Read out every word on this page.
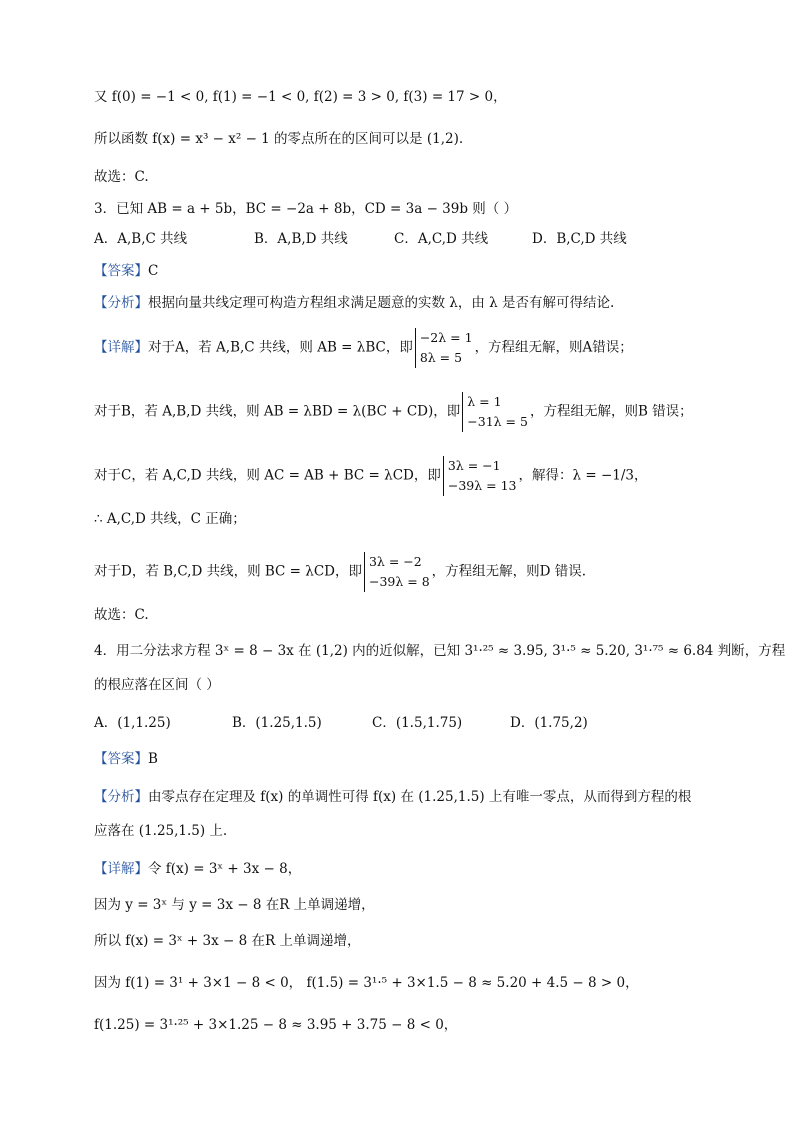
又 f(0) = −1 < 0, f(1) = −1 < 0, f(2) = 3 > 0, f(3) = 17 > 0，
所以函数 f(x) = x³ − x² − 1 的零点所在的区间可以是 (1,2).
故选：C.
3．已知 AB = a + 5b，BC = −2a + 8b，CD = 3a − 39b 则（ ）
A．A,B,C 共线	B．A,B,D 共线	C．A,C,D 共线	D．B,C,D 共线
【答案】C
【分析】根据向量共线定理可构造方程组求满足题意的实数 λ，由 λ 是否有解可得结论.
【详解】对于A，若 A,B,C 共线，则 AB = λBC，即
−2λ = 1
8λ = 5
，方程组无解，则A错误；
对于B，若 A,B,D 共线，则 AB = λBD = λ(BC + CD)，即
λ = 1
−31λ = 5
，方程组无解，则B 错误；
对于C，若 A,C,D 共线，则 AC = AB + BC = λCD，即
3λ = −1
−39λ = 13
，解得：λ = −1/3，
∴ A,C,D 共线，C 正确；
对于D，若 B,C,D 共线，则 BC = λCD，即
3λ = −2
−39λ = 8
，方程组无解，则D 错误.
故选：C.
4．用二分法求方程 3ˣ = 8 − 3x 在 (1,2) 内的近似解，已知 3¹·²⁵ ≈ 3.95, 3¹·⁵ ≈ 5.20, 3¹·⁷⁵ ≈ 6.84 判断，方程
的根应落在区间（ ）
A．(1,1.25)	B．(1.25,1.5)	C．(1.5,1.75)	D．(1.75,2)
【答案】B
【分析】由零点存在定理及 f(x) 的单调性可得 f(x) 在 (1.25,1.5) 上有唯一零点，从而得到方程的根
应落在 (1.25,1.5) 上.
【详解】令 f(x) = 3ˣ + 3x − 8，
因为 y = 3ˣ 与 y = 3x − 8 在R 上单调递增，
所以 f(x) = 3ˣ + 3x − 8 在R 上单调递增，
因为 f(1) = 3¹ + 3×1 − 8 < 0， f(1.5) = 3¹·⁵ + 3×1.5 − 8 ≈ 5.20 + 4.5 − 8 > 0，
f(1.25) = 3¹·²⁵ + 3×1.25 − 8 ≈ 3.95 + 3.75 − 8 < 0，
